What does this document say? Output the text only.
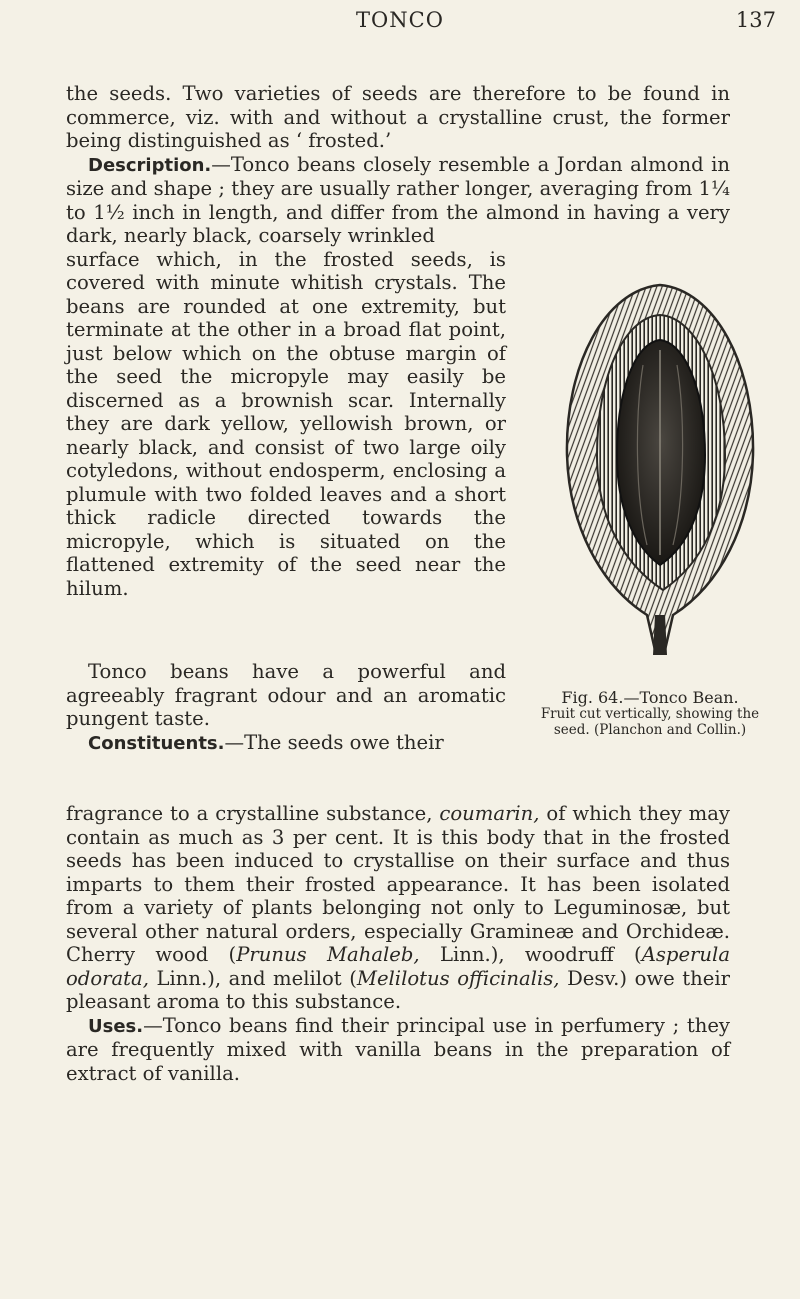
TONCO	137

the seeds. Two varieties of seeds are therefore to be found in commerce, viz. with and without a crystalline crust, the former being distinguished as ‘ frosted.’

Description.—Tonco beans closely resemble a Jordan almond in size and shape ; they are usually rather longer, averaging from 1¼ to 1½ inch in length, and differ from the almond in having a very dark, nearly black, coarsely wrinkled

surface which, in the frosted seeds, is covered with minute whitish crystals. The beans are rounded at one extremity, but terminate at the other in a broad flat point, just below which on the obtuse margin of the seed the micropyle may easily be discerned as a brownish scar. Internally they are dark yellow, yellowish brown, or nearly black, and consist of two large oily cotyledons, without endosperm, enclosing a plumule with two folded leaves and a short thick radicle directed towards the micropyle, which is situated on the flattened extremity of the seed near the hilum.

Fig. 64.—Tonco Bean.
Fruit cut vertically, showing the seed. (Planchon and Collin.)

Tonco beans have a powerful and agreeably fragrant odour and an aromatic pungent taste.

Constituents.—The seeds owe their

fragrance to a crystalline substance, coumarin, of which they may contain as much as 3 per cent. It is this body that in the frosted seeds has been induced to crystallise on their surface and thus imparts to them their frosted appearance. It has been isolated from a variety of plants belonging not only to Leguminosæ, but several other natural orders, especially Gramineæ and Orchideæ. Cherry wood (Prunus Mahaleb, Linn.), woodruff (Asperula odorata, Linn.), and melilot (Melilotus officinalis, Desv.) owe their pleasant aroma to this substance.

Uses.—Tonco beans find their principal use in perfumery ; they are frequently mixed with vanilla beans in the preparation of extract of vanilla.
